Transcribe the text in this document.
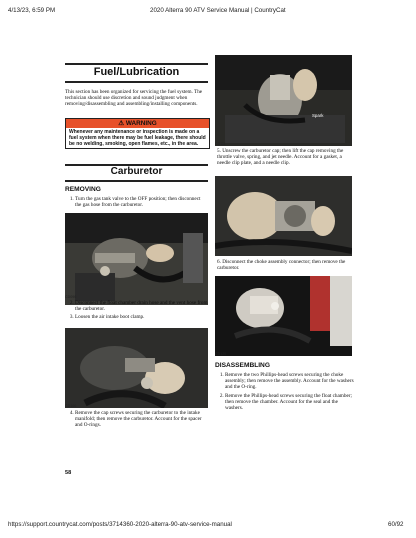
4/13/23, 6:59 PM	2020 Alterra 90 ATV Service Manual | CountryCat
Fuel/Lubrication
This section has been organized for servicing the fuel system. The technician should use discretion and sound judgment when removing/disassembling and assembling/installing components.
⚠ WARNING
Whenever any maintenance or inspection is made on a fuel system when there may be fuel leakage, there should be no welding, smoking, open flames, etc., in the area.
Carburetor
REMOVING
1. Turn the gas tank valve to the OFF position; then disconnect the gas hose from the carburetor.
CD090
2. Disconnect the float chamber drain hose and the vent hose from the carburetor.
3. Loosen the air intake boot clamp.
CD100
4. Remove the cap screws securing the carburetor to the intake manifold; then remove the carburetor. Account for the spacer and O-rings.
58
CD111
Spark
5. Unscrew the carburetor cap; then lift the cap removing the throttle valve, spring, and jet needle. Account for a gasket, a needle clip plate, and a needle clip.
6. Disconnect the choke assembly connector; then remove the carburetor.
CD120
DISASSEMBLING
1. Remove the two Phillips-head screws securing the choke assembly; then remove the assembly. Account for the washers and the O-ring.
2. Remove the Phillips-head screws securing the float chamber; then remove the chamber. Account for the seal and the washers.
https://support.countrycat.com/posts/3714360-2020-alterra-90-atv-service-manual	60/92
